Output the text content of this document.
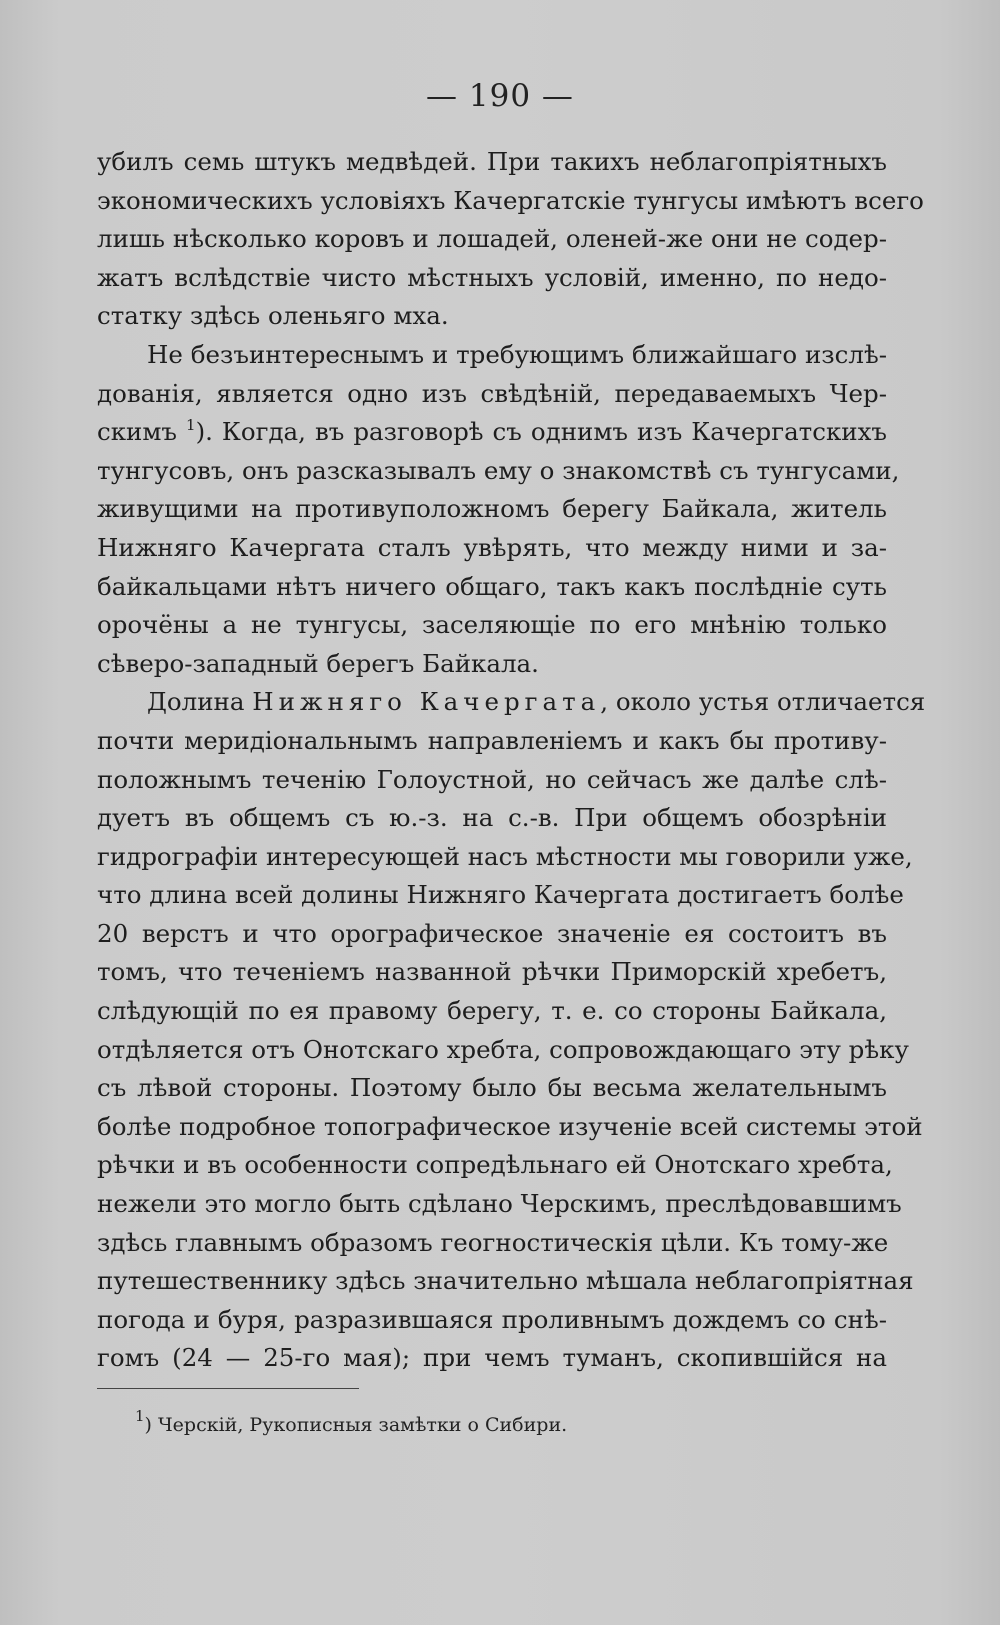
— 190 —
убилъ семь штукъ медвѣдей. При такихъ неблагопріятныхъ
экономическихъ условіяхъ Качергатскіе тунгусы имѣютъ всего
лишь нѣсколько коровъ и лошадей, оленей-же они не содер-
жатъ вслѣдствіе чисто мѣстныхъ условій, именно, по недо-
статку здѣсь оленьяго мха.
Не безъинтереснымъ и требующимъ ближайшаго изслѣ-
дованія, является одно изъ свѣдѣній, передаваемыхъ Чер-
скимъ $^1$). Когда, въ разговорѣ съ однимъ изъ Качергатскихъ
тунгусовъ, онъ разсказывалъ ему о знакомствѣ съ тунгусами,
живущими на противуположномъ берегу Байкала, житель
Нижняго Качергата сталъ увѣрять, что между ними и за-
байкальцами нѣтъ ничего общаго, такъ какъ послѣдніе суть
орочёны а не тунгусы, заселяющіе по его мнѣнію только
сѣверо-западный берегъ Байкала.
Долина Нижняго Качергата, около устья отличается
почти меридіональнымъ направленіемъ и какъ бы противу-
положнымъ теченію Голоустной, но сейчасъ же далѣе слѣ-
дуетъ въ общемъ съ ю.-з. на с.-в. При общемъ обозрѣніи
гидрографіи интересующей насъ мѣстности мы говорили уже,
что длина всей долины Нижняго Качергата достигаетъ болѣе
20 верстъ и что орографическое значеніе ея состоитъ въ
томъ, что теченіемъ названной рѣчки Приморскій хребетъ,
слѣдующій по ея правому берегу, т. е. со стороны Байкала,
отдѣляется отъ Онотскаго хребта, сопровождающаго эту рѣку
съ лѣвой стороны. Поэтому было бы весьма желательнымъ
болѣе подробное топографическое изученіе всей системы этой
рѣчки и въ особенности сопредѣльнаго ей Онотскаго хребта,
нежели это могло быть сдѣлано Черскимъ, преслѣдовавшимъ
здѣсь главнымъ образомъ геогностическія цѣли. Къ тому-же
путешественнику здѣсь значительно мѣшала неблагопріятная
погода и буря, разразившаяся проливнымъ дождемъ со снѣ-
гомъ (24 — 25-го мая); при чемъ туманъ, скопившійся на
$^1$) Черскій, Рукописныя замѣтки о Сибири.
